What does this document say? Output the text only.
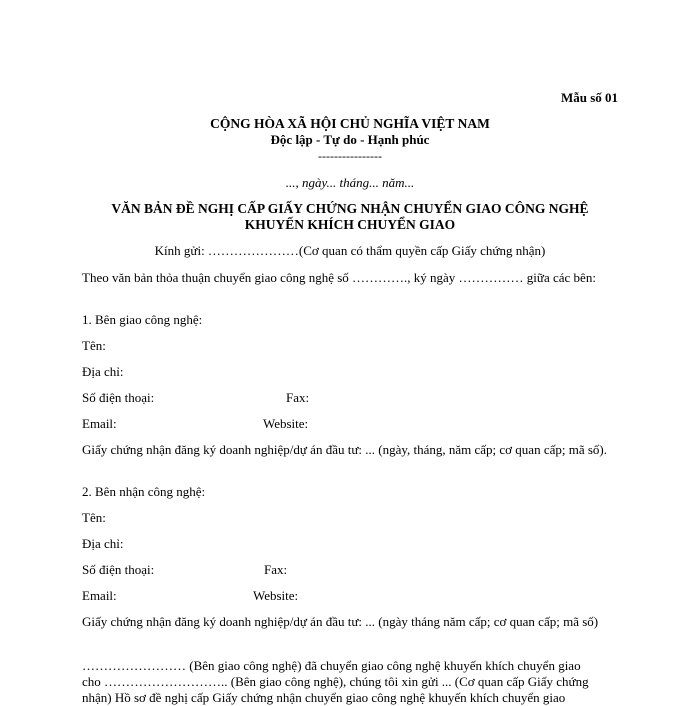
Mẫu số 01
CỘNG HÒA XÃ HỘI CHỦ NGHĨA VIỆT NAM
Độc lập - Tự do - Hạnh phúc
----------------
..., ngày... tháng... năm...
VĂN BẢN ĐỀ NGHỊ CẤP GIẤY CHỨNG NHẬN CHUYỂN GIAO CÔNG NGHỆ
KHUYẾN KHÍCH CHUYỂN GIAO
Kính gửi: …………………(Cơ quan có thẩm quyền cấp Giấy chứng nhận)
Theo văn bản thỏa thuận chuyển giao công nghệ số …………., ký ngày …………… giữa các bên:
1. Bên giao công nghệ:
Tên:
Địa chỉ:
Số điện thoại:	Fax:
Email:	Website:
Giấy chứng nhận đăng ký doanh nghiệp/dự án đầu tư: ... (ngày, tháng, năm cấp; cơ quan cấp; mã số).
2. Bên nhận công nghệ:
Tên:
Địa chỉ:
Số điện thoại:	Fax:
Email:	Website:
Giấy chứng nhận đăng ký doanh nghiệp/dự án đầu tư: ... (ngày tháng năm cấp; cơ quan cấp; mã số)
…………………… (Bên giao công nghệ) đã chuyển giao công nghệ khuyến khích chuyển giao
cho ……………………….. (Bên giao công nghệ), chúng tôi xin gửi ... (Cơ quan cấp Giấy chứng
nhận) Hồ sơ đề nghị cấp Giấy chứng nhận chuyển giao công nghệ khuyến khích chuyển giao
